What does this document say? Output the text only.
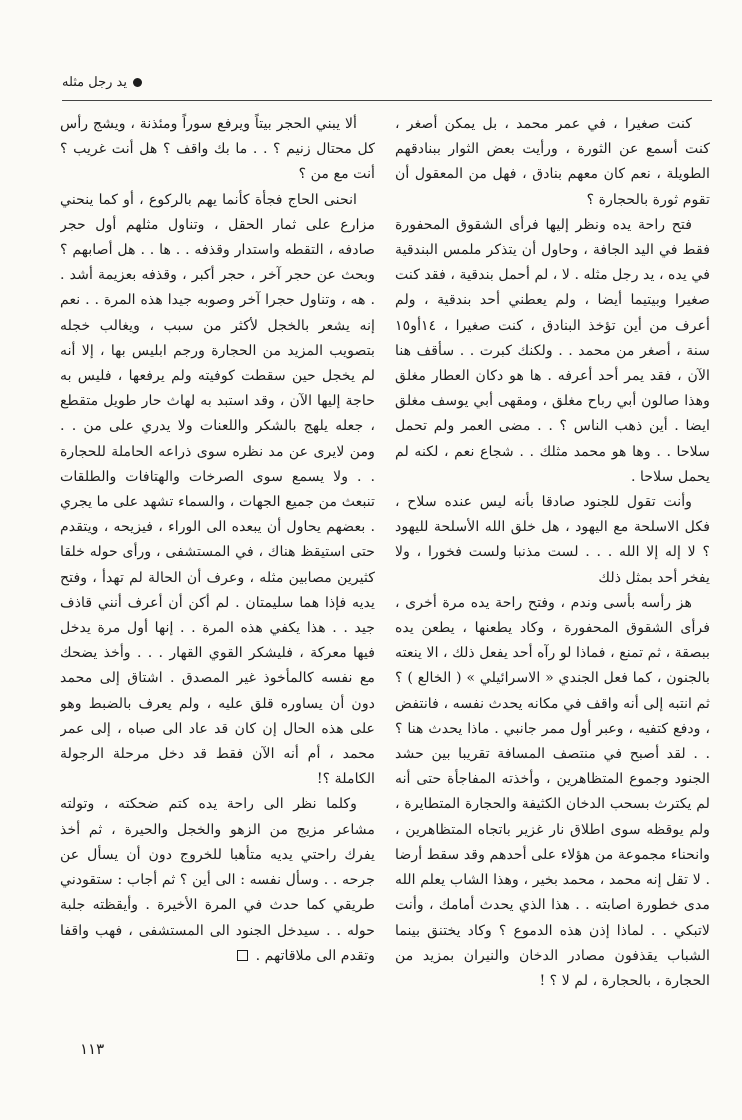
يد رجل مثله

كنت صغيرا ، في عمر محمد ، بل يمكن أصغر ، كنت أسمع عن الثورة ، ورأيت بعض الثوار ببنادقهم الطويلة ، نعم كان معهم بنادق ، فهل من المعقول أن تقوم ثورة بالحجارة ؟

فتح راحة يده ونظر إليها فرأى الشقوق المحفورة فقط في اليد الجافة ، وحاول أن يتذكر ملمس البندقية في يده ، يد رجل مثله . لا ، لم أحمل بندقية ، فقد كنت صغيرا وبيتيما أيضا ، ولم يعطني أحد بندقية ، ولم أعرف من أين تؤخذ البنادق ، كنت صغيرا ، ١٤أو١٥ سنة ، أصغر من محمد . . ولكنك كبرت . . سأقف هنا الآن ، فقد يمر أحد أعرفه . ها هو دكان العطار مغلق وهذا صالون أبي رباح مغلق ، ومقهى أبي يوسف مغلق ايضا . أين ذهب الناس ؟ . . مضى العمر ولم تحمل سلاحا . . وها هو محمد مثلك . . شجاع نعم ، لكنه لم يحمل سلاحا .

وأنت تقول للجنود صادقا بأنه ليس عنده سلاح ، فكل الاسلحة مع اليهود ، هل خلق الله الأسلحة لليهود ؟ لا إله إلا الله . . . لست مذنبا ولست فخورا ، ولا يفخر أحد بمثل ذلك

هز رأسه بأسى وندم ، وفتح راحة يده مرة أخرى ، فرأى الشقوق المحفورة ، وكاد يطعنها ، يطعن يده ببصقة ، ثم تمنع ، فماذا لو رآه أحد يفعل ذلك ، الا ينعته بالجنون ، كما فعل الجندي « الاسرائيلي » ( الخالع ) ؟ ثم انتبه إلى أنه واقف في مكانه يحدث نفسه ، فانتفض ، ودفع كتفيه ، وعبر أول ممر جانبي . ماذا يحدث هنا ؟ . . لقد أصبح في منتصف المسافة تقريبا بين حشد الجنود وجموع المتظاهرين ، وأخذته المفاجأة حتى أنه لم يكترث بسحب الدخان الكثيفة والحجارة المتطايرة ، ولم يوقظه سوى اطلاق نار غزير باتجاه المتظاهرين ، وانحناء مجموعة من هؤلاء على أحدهم وقد سقط أرضا . لا تقل إنه محمد ، محمد بخير ، وهذا الشاب يعلم الله مدى خطورة اصابته . . هذا الذي يحدث أمامك ، وأنت لاتبكي . . لماذا إذن هذه الدموع ؟ وكاد يختنق بينما الشباب يقذفون مصادر الدخان والنيران بمزيد من الحجارة ، بالحجارة ، لم لا ؟ !

ألا يبني الحجر بيتاً ويرفع سوراً ومئذنة ، ويشج رأس كل محتال زنيم ؟ . . ما بك واقف ؟ هل أنت غريب ؟ أنت مع من ؟

انحنى الحاج فجأة كأنما يهم بالركوع ، أو كما ينحني مزارع على ثمار الحقل ، وتناول مثلهم أول حجر صادفه ، التقطه واستدار وقذفه . . ها . . هل أصابهم ؟ وبحث عن حجر آخر ، حجر أكبر ، وقذفه بعزيمة أشد . . هه ، وتناول حجرا آخر وصوبه جيدا هذه المرة . . نعم إنه يشعر بالخجل لأكثر من سبب ، ويغالب خجله بتصويب المزيد من الحجارة ورجم ابليس بها ، إلا أنه لم يخجل حين سقطت كوفيته ولم يرفعها ، فليس به حاجة إليها الآن ، وقد استبد به لهاث حار طويل متقطع ، جعله يلهج بالشكر واللعنات ولا يدري على من . . ومن لايرى عن مد نظره سوى ذراعه الحاملة للحجارة . . ولا يسمع سوى الصرخات والهتافات والطلقات تنبعث من جميع الجهات ، والسماء تشهد على ما يجري . بعضهم يحاول أن يبعده الى الوراء ، فيزيحه ، ويتقدم حتى استيقظ هناك ، في المستشفى ، ورأى حوله خلقا كثيرين مصابين مثله ، وعرف أن الحالة لم تهدأ ، وفتح يديه فإذا هما سليمتان . لم أكن أن أعرف أنني قاذف جيد . . هذا يكفي هذه المرة . . إنها أول مرة يدخل فيها معركة ، فليشكر القوي القهار . . . وأخذ يضحك مع نفسه كالمأخوذ غير المصدق . اشتاق إلى محمد دون أن يساوره قلق عليه ، ولم يعرف بالضبط وهو على هذه الحال إن كان قد عاد الى صباه ، إلى عمر محمد ، أم أنه الآن فقط قد دخل مرحلة الرجولة الكاملة ؟!

وكلما نظر الى راحة يده كتم ضحكته ، وتولته مشاعر مزيج من الزهو والخجل والحيرة ، ثم أخذ يفرك راحتي يديه متأهبا للخروج دون أن يسأل عن جرحه . . وسأل نفسه : الى أين ؟ ثم أجاب : ستقودني طريقي كما حدث في المرة الأخيرة . وأيقظته جلبة حوله . . سيدخل الجنود الى المستشفى ، فهب واقفا وتقدم الى ملاقاتهم .

١١٣
